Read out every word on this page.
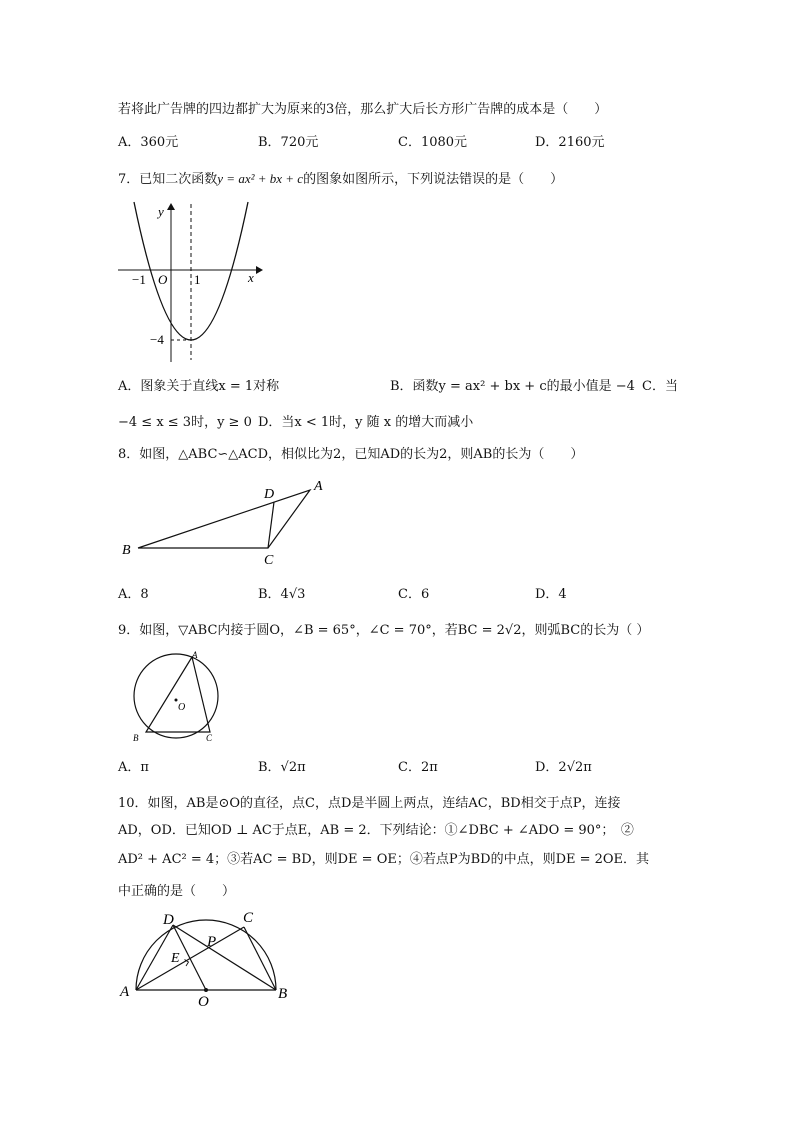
若将此广告牌的四边都扩大为原来的3倍，那么扩大后长方形广告牌的成本是（　　）
A．360元	B．720元	C．1080元	D．2160元
7．已知二次函数y = ax² + bx + c的图象如图所示，下列说法错误的是（　　）
y
x
O
−1	1
−4
A．图象关于直线x = 1对称	B．函数y = ax² + bx + c的最小值是 −4 C．当
−4 ≤ x ≤ 3时，y ≥ 0 D．当x < 1时，y 随 x 的增大而减小
8．如图，△ABC∽△ACD，相似比为2，已知AD的长为2，则AB的长为（　　）
A
B
C
D
A．8	B．4√3	C．6	D．4
9．如图，▽ABC内接于圆O，∠B = 65°，∠C = 70°，若BC = 2√2，则弧BC的长为（ ）
A
B	C
O
A．π	B．√2π	C．2π	D．2√2π
10．如图，AB是⊙O的直径，点C，点D是半圆上两点，连结AC，BD相交于点P，连接
AD，OD．已知OD ⊥ AC于点E，AB = 2．下列结论：①∠DBC + ∠ADO = 90°；　②
AD² + AC² = 4；③若AC = BD，则DE = OE；④若点P为BD的中点，则DE = 2OE．其
中正确的是（　　）
A	B
C
D
E
O
P
